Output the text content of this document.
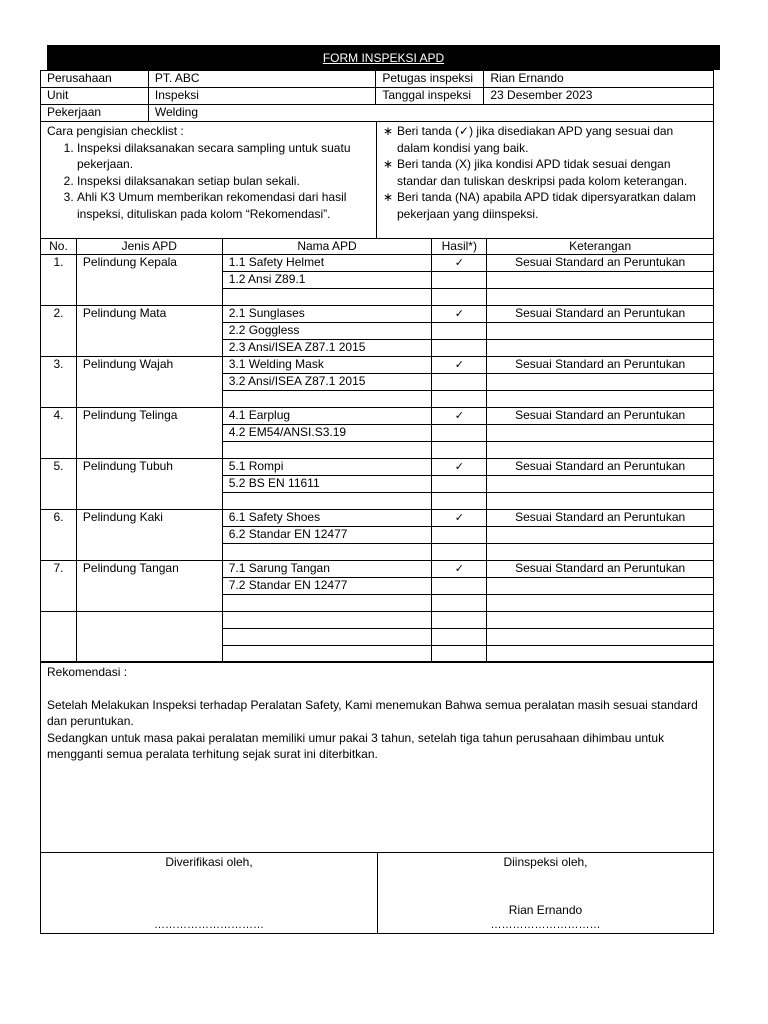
FORM INSPEKSI APD
Perusahaan	PT. ABC	Petugas inspeksi	Rian Ernando
Unit	Inspeksi	Tanggal inspeksi	23 Desember 2023
Pekerjaan	Welding		
Cara pengisian checklist :
1. Inspeksi dilaksanakan secara sampling untuk suatu pekerjaan.
2. Inspeksi dilaksanakan setiap bulan sekali.
3. Ahli K3 Umum memberikan rekomendasi dari hasil inspeksi, dituliskan pada kolom “Rekomendasi”.
∗ Beri tanda (✓) jika disediakan APD yang sesuai dan dalam kondisi yang baik.
∗ Beri tanda (X) jika kondisi APD tidak sesuai dengan standar dan tuliskan deskripsi pada kolom keterangan.
∗ Beri tanda (NA) apabila APD tidak dipersyaratkan dalam pekerjaan yang diinspeksi.
No.	Jenis APD	Nama APD	Hasil*)	Keterangan
1.	Pelindung Kepala	1.1 Safety Helmet	✓	Sesuai Standard an Peruntukan
		1.2 Ansi Z89.1		

2.	Pelindung Mata	2.1 Sunglases	✓	Sesuai Standard an Peruntukan
		2.2 Goggless		
		2.3 Ansi/ISEA Z87.1 2015		
3.	Pelindung Wajah	3.1 Welding Mask	✓	Sesuai Standard an Peruntukan
		3.2 Ansi/ISEA Z87.1 2015		

4.	Pelindung Telinga	4.1 Earplug	✓	Sesuai Standard an Peruntukan
		4.2 EM54/ANSI.S3.19		

5.	Pelindung Tubuh	5.1 Rompi	✓	Sesuai Standard an Peruntukan
		5.2 BS EN 11611		

6.	Pelindung Kaki	6.1 Safety Shoes	✓	Sesuai Standard an Peruntukan
		6.2 Standar EN 12477		

7.	Pelindung Tangan	7.1 Sarung Tangan	✓	Sesuai Standard an Peruntukan
		7.2 Standar EN 12477		

Rekomendasi :
Setelah Melakukan Inspeksi terhadap Peralatan Safety, Kami menemukan Bahwa semua peralatan masih sesuai standard dan peruntukan.
Sedangkan untuk masa pakai peralatan memiliki umur pakai 3 tahun, setelah tiga tahun perusahaan dihimbau untuk mengganti semua peralata terhitung sejak surat ini diterbitkan.
Diverifikasi oleh,
…………………………
Diinspeksi oleh,
Rian Ernando
…………………………
